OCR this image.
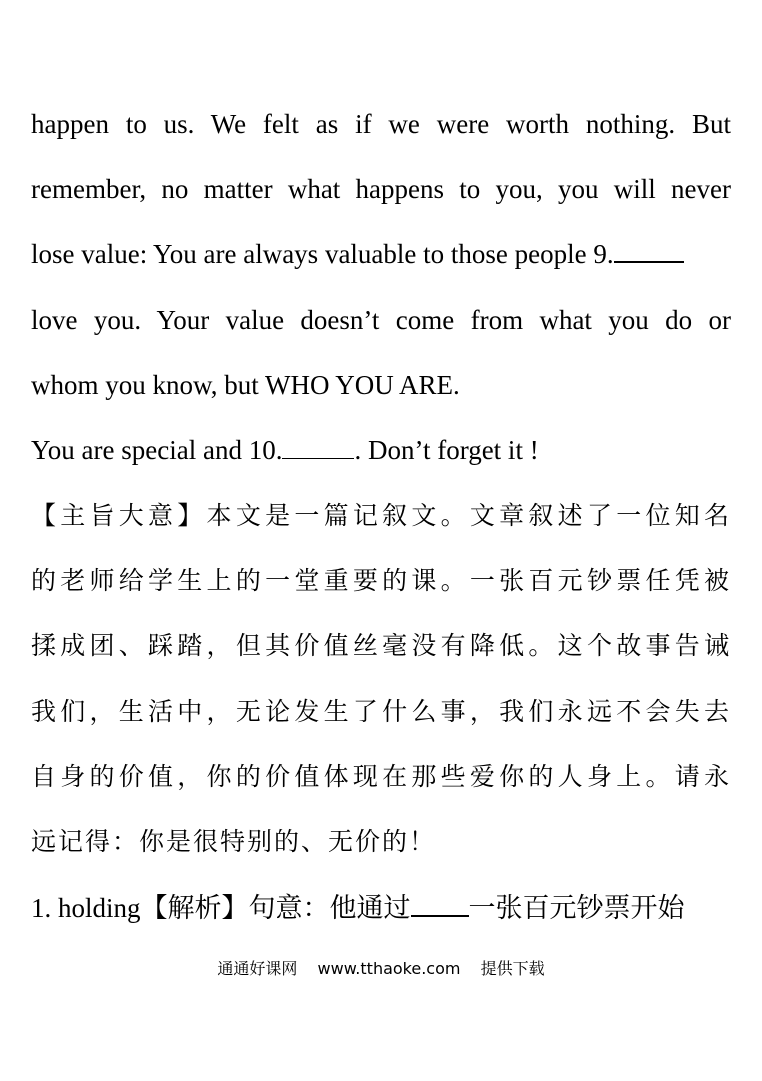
happen to us. We felt as if we were worth nothing. But
remember, no matter what happens to you, you will never
lose value: You are always valuable to those people 9.
love you. Your value doesn’t come from what you do or
whom you know, but WHO YOU ARE.
You are special and 10.	. Don’t forget it !
【主旨大意】本文是一篇记叙文。文章叙述了一位知名
的老师给学生上的一堂重要的课。一张百元钞票任凭被
揉成团、踩踏，但其价值丝毫没有降低。这个故事告诫
我们，生活中，无论发生了什么事，我们永远不会失去
自身的价值，你的价值体现在那些爱你的人身上。请永
远记得：你是很特别的、无价的！
1. holding【解析】句意：他通过 一张百元钞票开始
通通好课网 www.tthaoke.com 提供下载
